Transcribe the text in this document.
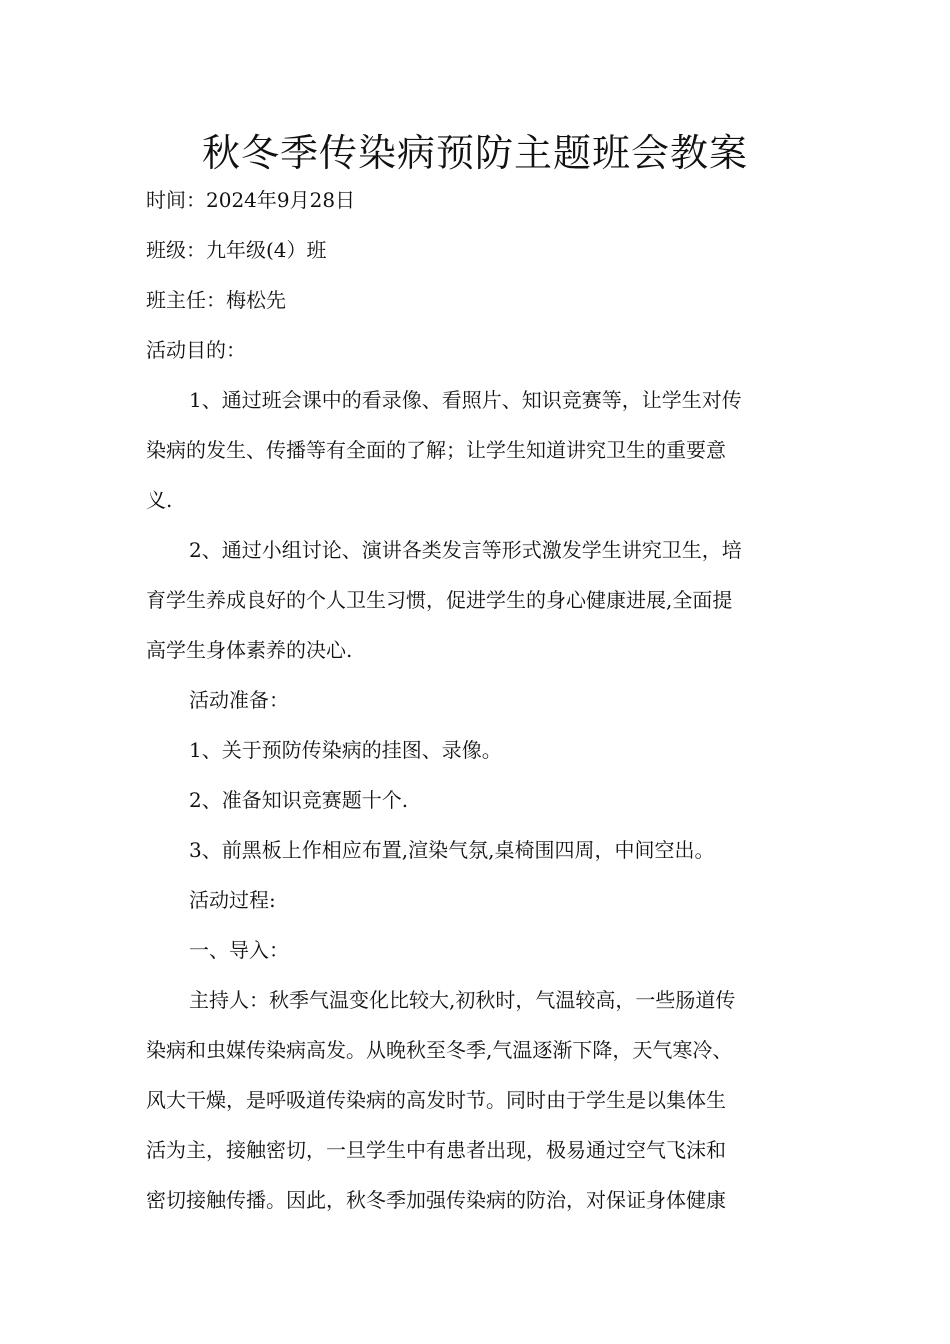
秋冬季传染病预防主题班会教案
时间：2024年9月28日
班级：九年级(4）班
班主任：梅松先
活动目的：
1、通过班会课中的看录像、看照片、知识竞赛等，让学生对传
染病的发生、传播等有全面的了解；让学生知道讲究卫生的重要意
义.
2、通过小组讨论、演讲各类发言等形式激发学生讲究卫生，培
育学生养成良好的个人卫生习惯，促进学生的身心健康进展,全面提
高学生身体素养的决心.
活动准备：
1、关于预防传染病的挂图、录像。
2、准备知识竞赛题十个.
3、前黑板上作相应布置,渲染气氛,桌椅围四周，中间空出。
活动过程:
一、导入：
主持人：秋季气温变化比较大,初秋时，气温较高，一些肠道传
染病和虫媒传染病高发。从晚秋至冬季,气温逐渐下降，天气寒冷、
风大干燥，是呼吸道传染病的高发时节。同时由于学生是以集体生
活为主，接触密切，一旦学生中有患者出现，极易通过空气飞沫和
密切接触传播。因此，秋冬季加强传染病的防治，对保证身体健康
